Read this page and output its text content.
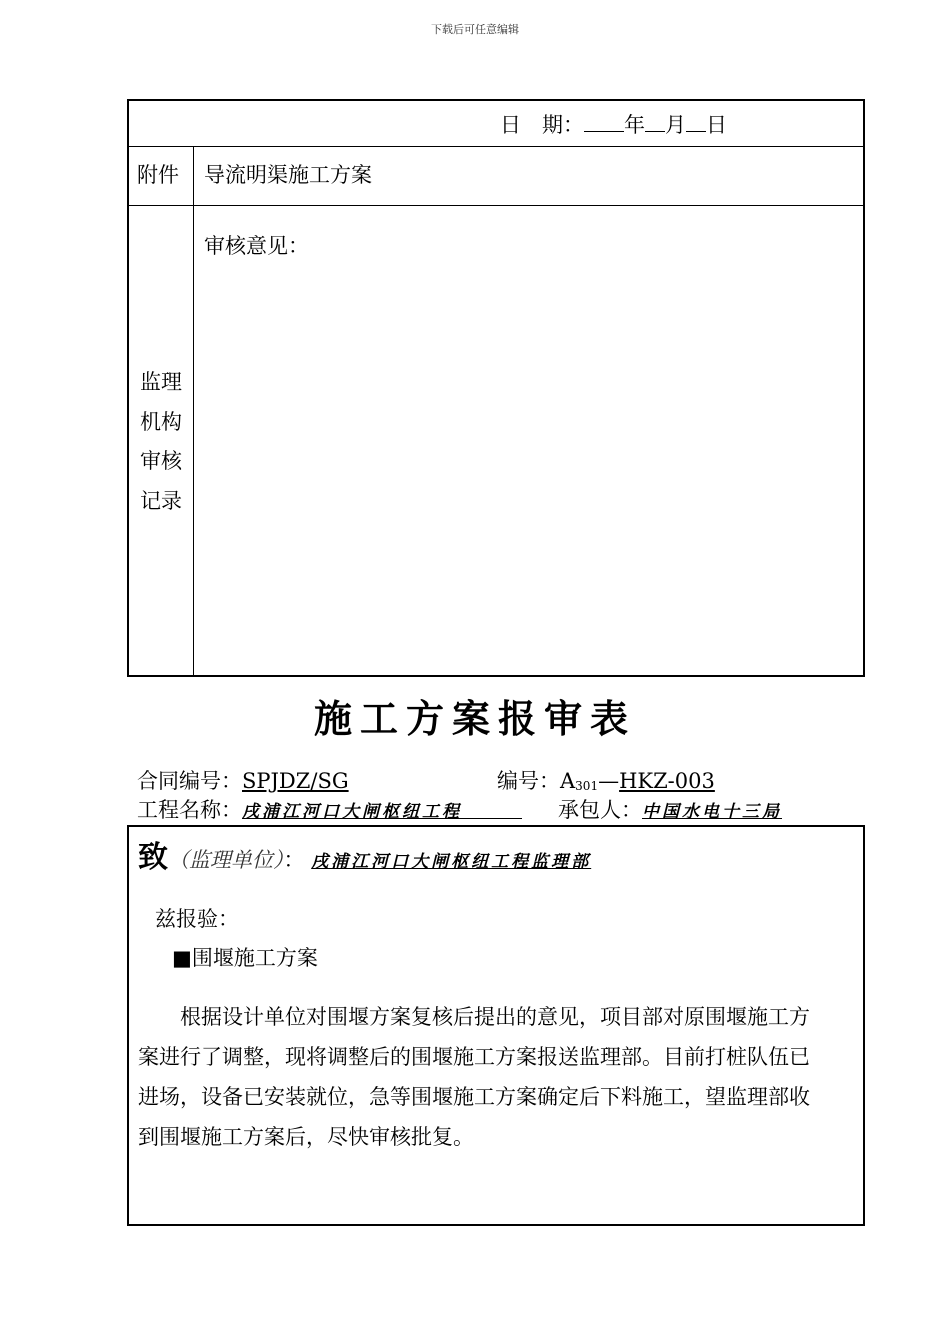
下载后可任意编辑
日　期： 年 月 日
附件 导流明渠施工方案
审核意见：
监理
机构
审核
记录
施工方案报审表
合同编号：SPJDZ/SG	编号：$A_{301}—HKZ-003$
工程名称：戌浦江河口大闸枢纽工程   	承包人：中国水电十三局
致（监理单位）： 戌浦江河口大闸枢纽工程监理部
兹报验：
■围堰施工方案
　　根据设计单位对围堰方案复核后提出的意见，项目部对原围堰施工方
案进行了调整，现将调整后的围堰施工方案报送监理部。目前打桩队伍已
进场，设备已安装就位，急等围堰施工方案确定后下料施工，望监理部收
到围堰施工方案后，尽快审核批复。
